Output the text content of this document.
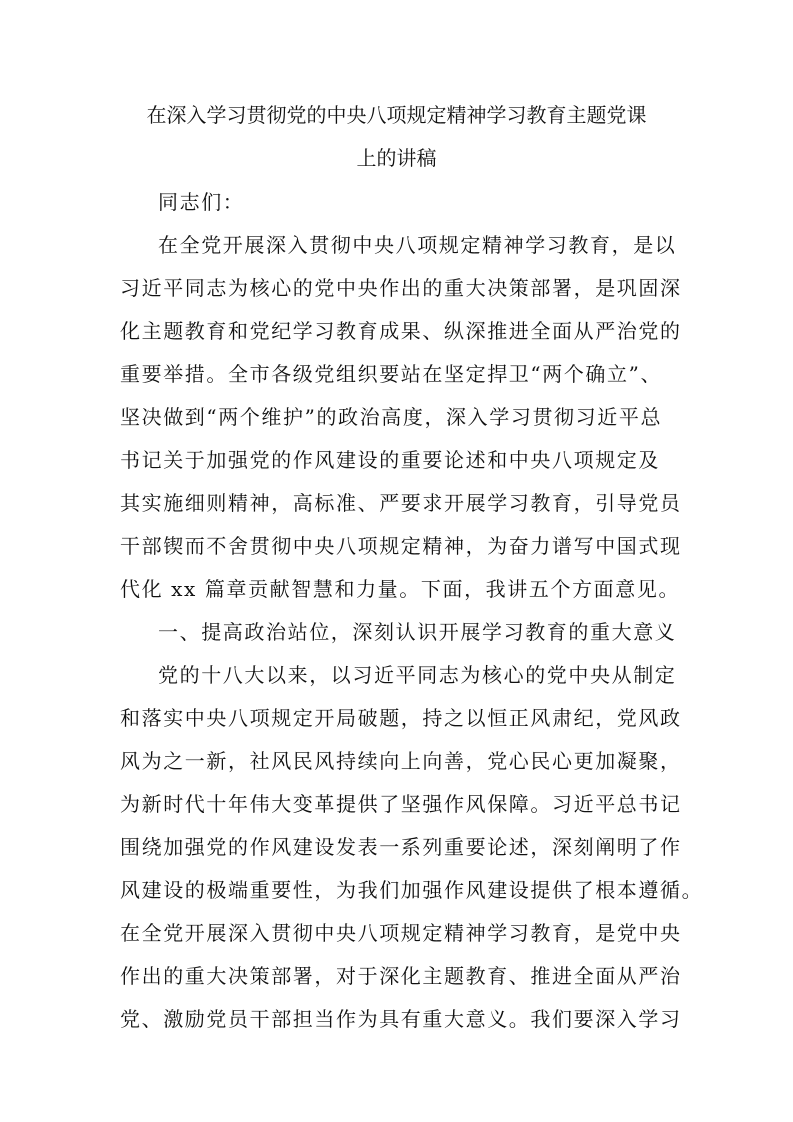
在深入学习贯彻党的中央八项规定精神学习教育主题党课
上的讲稿
同志们：
在全党开展深入贯彻中央八项规定精神学习教育，是以
习近平同志为核心的党中央作出的重大决策部署，是巩固深
化主题教育和党纪学习教育成果、纵深推进全面从严治党的
重要举措。全市各级党组织要站在坚定捍卫“两个确立”、
坚决做到“两个维护”的政治高度，深入学习贯彻习近平总
书记关于加强党的作风建设的重要论述和中央八项规定及
其实施细则精神，高标准、严要求开展学习教育，引导党员
干部锲而不舍贯彻中央八项规定精神，为奋力谱写中国式现
代化 xx 篇章贡献智慧和力量。下面，我讲五个方面意见。
一、提高政治站位，深刻认识开展学习教育的重大意义
党的十八大以来，以习近平同志为核心的党中央从制定
和落实中央八项规定开局破题，持之以恒正风肃纪，党风政
风为之一新，社风民风持续向上向善，党心民心更加凝聚，
为新时代十年伟大变革提供了坚强作风保障。习近平总书记
围绕加强党的作风建设发表一系列重要论述，深刻阐明了作
风建设的极端重要性，为我们加强作风建设提供了根本遵循。
在全党开展深入贯彻中央八项规定精神学习教育，是党中央
作出的重大决策部署，对于深化主题教育、推进全面从严治
党、激励党员干部担当作为具有重大意义。我们要深入学习
